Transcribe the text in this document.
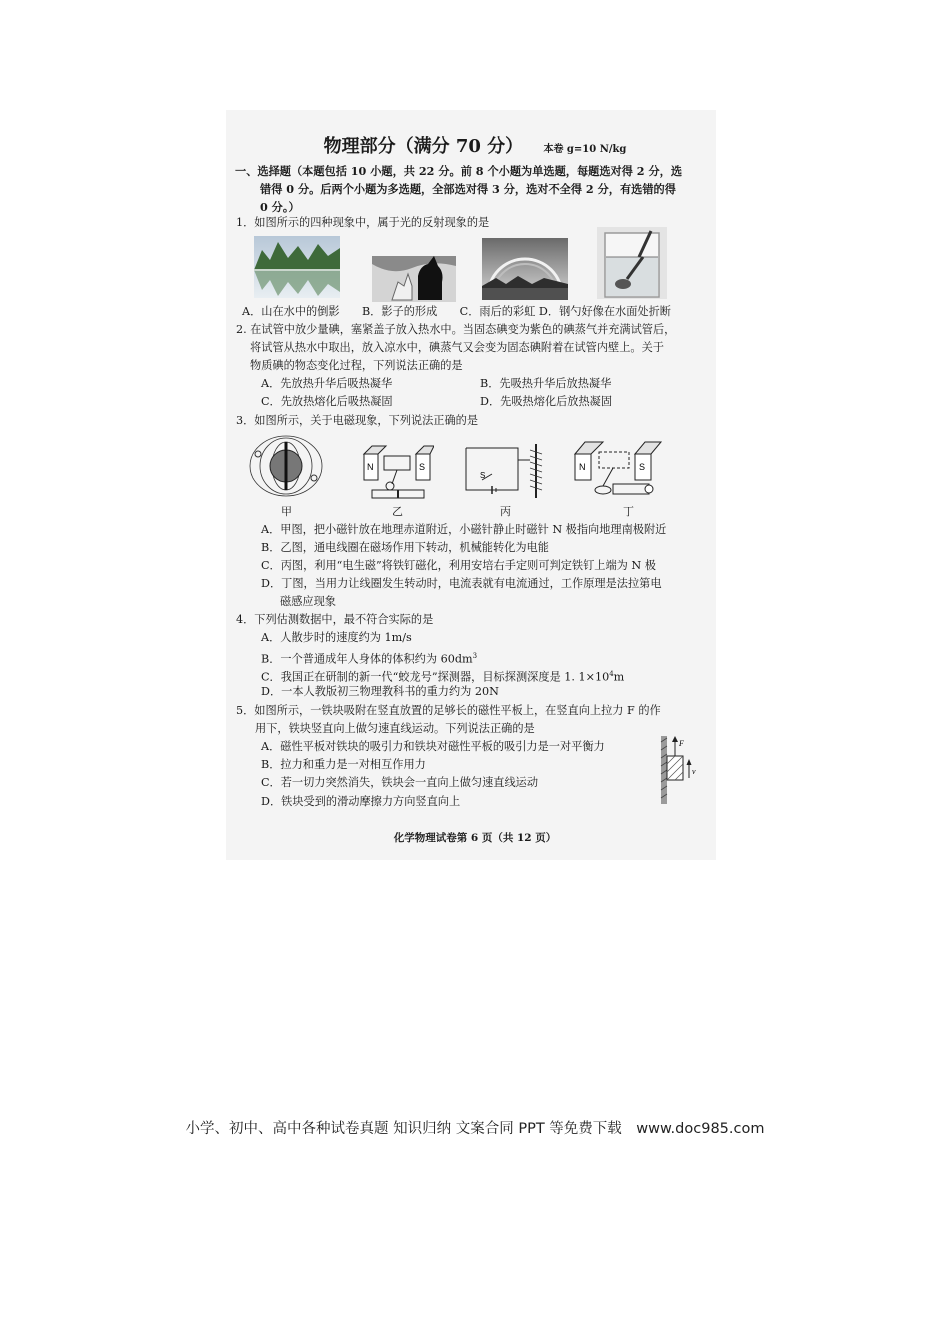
物理部分（满分 70 分） 本卷 g=10 N/kg
一、选择题（本题包括 10 小题，共 22 分。前 8 个小题为单选题，每题选对得 2 分，选
错得 0 分。后两个小题为多选题，全部选对得 3 分，选对不全得 2 分，有选错的得
0 分。）
1．如图所示的四种现象中，属于光的反射现象的是
A．山在水中的倒影　　B．影子的形成　　C．雨后的彩虹 D．钢勺好像在水面处折断
2. 在试管中放少量碘，塞紧盖子放入热水中。当固态碘变为紫色的碘蒸气并充满试管后，
将试管从热水中取出，放入凉水中，碘蒸气又会变为固态碘附着在试管内壁上。关于
物质碘的物态变化过程，下列说法正确的是
A．先放热升华后吸热凝华	B．先吸热升华后放热凝华
C．先放热熔化后吸热凝固	D．先吸热熔化后放热凝固
3．如图所示，关于电磁现象，下列说法正确的是
N	S
S
N	S
甲	乙	丙	丁
A．甲图，把小磁针放在地理赤道附近，小磁针静止时磁针 N 极指向地理南极附近
B．乙图，通电线圈在磁场作用下转动，机械能转化为电能
C．丙图，利用“电生磁”将铁钉磁化，利用安培右手定则可判定铁钉上端为 N 极
D．丁图，当用力让线圈发生转动时，电流表就有电流通过，工作原理是法拉第电
磁感应现象
4．下列估测数据中，最不符合实际的是
A．人散步时的速度约为 1m/s
B．一个普通成年人身体的体积约为 $60dm^3$
C．我国正在研制的新一代“蛟龙号”探测器，目标探测深度是 1. $1\times 10^4m$
D．一本人教版初三物理教科书的重力约为 20N
5．如图所示，一铁块吸附在竖直放置的足够长的磁性平板上，在竖直向上拉力 F 的作
用下，铁块竖直向上做匀速直线运动。下列说法正确的是
A．磁性平板对铁块的吸引力和铁块对磁性平板的吸引力是一对平衡力
B．拉力和重力是一对相互作用力
C．若一切力突然消失，铁块会一直向上做匀速直线运动
D．铁块受到的滑动摩擦力方向竖直向上
F
v
化学物理试卷第 6 页（共 12 页）
小学、初中、高中各种试卷真题 知识归纳 文案合同 PPT 等免费下载　www.doc985.com
